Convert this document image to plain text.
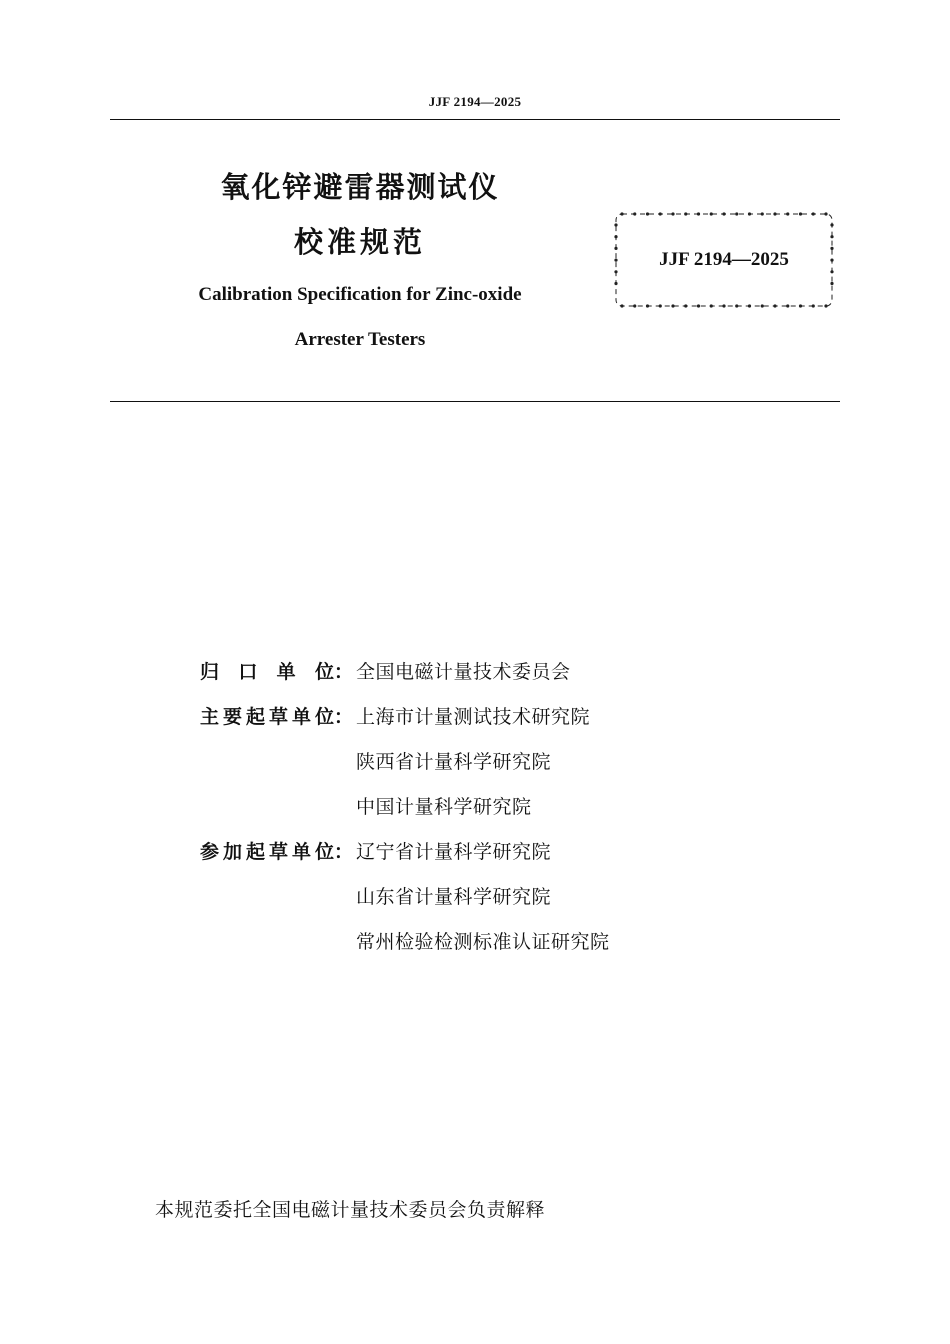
JJF 2194—2025
氧化锌避雷器测试仪
校准规范
Calibration Specification for Zinc-oxide
Arrester Testers
JJF 2194—2025
归口单位 ： 全国电磁计量技术委员会
主要起草单位 ： 上海市计量测试技术研究院
陕西省计量科学研究院
中国计量科学研究院
参加起草单位 ： 辽宁省计量科学研究院
山东省计量科学研究院
常州检验检测标准认证研究院
本规范委托全国电磁计量技术委员会负责解释
